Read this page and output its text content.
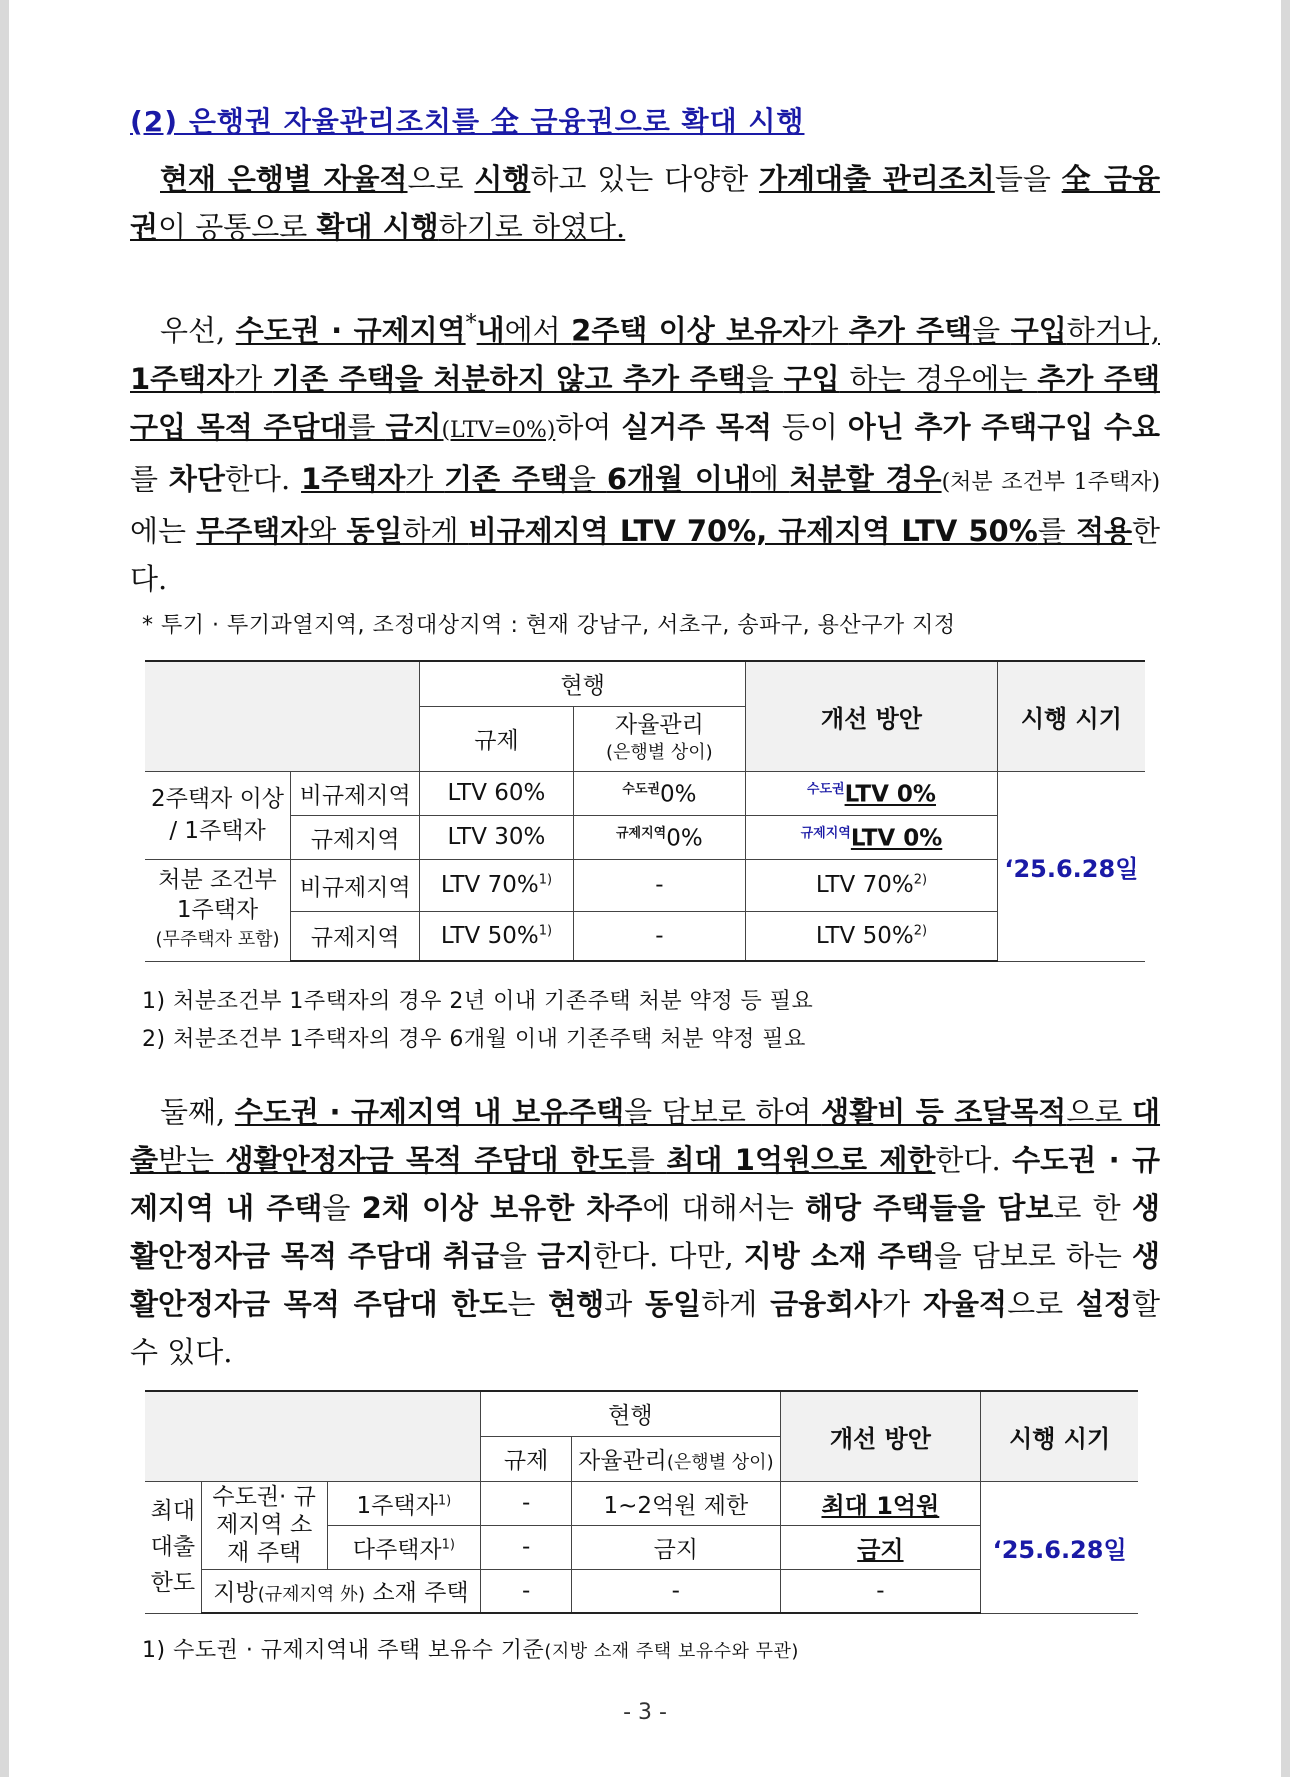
(2) 은행권 자율관리조치를 全 금융권으로 확대 시행
현재 은행별 자율적으로 시행하고 있는 다양한 가계대출 관리조치들을 全 금융권이 공통으로 확대 시행하기로 하였다.
우선, 수도권 · 규제지역*내에서 2주택 이상 보유자가 추가 주택을 구입하거나, 1주택자가 기존 주택을 처분하지 않고 추가 주택을 구입 하는 경우에는 추가 주택구입 목적 주담대를 금지(LTV=0%)하여 실거주 목적 등이 아닌 추가 주택구입 수요를 차단한다. 1주택자가 기존 주택을 6개월 이내에 처분할 경우(처분 조건부 1주택자)에는 무주택자와 동일하게 비규제지역 LTV 70%, 규제지역 LTV 50%를 적용한다.
* 투기 · 투기과열지역, 조정대상지역 : 현재 강남구, 서초구, 송파구, 용산구가 지정
		현행		개선 방안	시행 시기
		규제	자율관리
(은행별 상이)		

2주택자 이상 / 1주택자	비규제지역	LTV 60%	$^{수도권}$0%	$^{수도권}$LTV 0%	‘25.6.28일
	규제지역	LTV 30%	$^{규제지역}$0%	$^{규제지역}$LTV 0%	

처분 조건부 1주택자
(무주택자 포함)	비규제지역	LTV 70%$^{1)}$	-	LTV 70%$^{2)}$
	규제지역	LTV 50%$^{1)}$	-	LTV 50%$^{2)}$
1) 처분조건부 1주택자의 경우 2년 이내 기존주택 처분 약정 등 필요
2) 처분조건부 1주택자의 경우 6개월 이내 기존주택 처분 약정 필요
둘째, 수도권 · 규제지역 내 보유주택을 담보로 하여 생활비 등 조달목적으로 대출받는 생활안정자금 목적 주담대 한도를 최대 1억원으로 제한한다. 수도권 · 규제지역 내 주택을 2채 이상 보유한 차주에 대해서는 해당 주택들을 담보로 한 생활안정자금 목적 주담대 취급을 금지한다. 다만, 지방 소재 주택을 담보로 하는 생활안정자금 목적 주담대 한도는 현행과 동일하게 금융회사가 자율적으로 설정할 수 있다.
			현행		개선 방안	시행 시기
			규제	자율관리(은행별 상이)		
최대 대출 한도	수도권· 규제지역 소재 주택	1주택자$^{1)}$	-	1~2억원 제한	최대 1억원	‘25.6.28일
		다주택자$^{1)}$	-	금지	금지	
	지방(규제지역 外) 소재 주택		-	-	-	
1) 수도권 · 규제지역내 주택 보유수 기준(지방 소재 주택 보유수와 무관)
- 3 -
